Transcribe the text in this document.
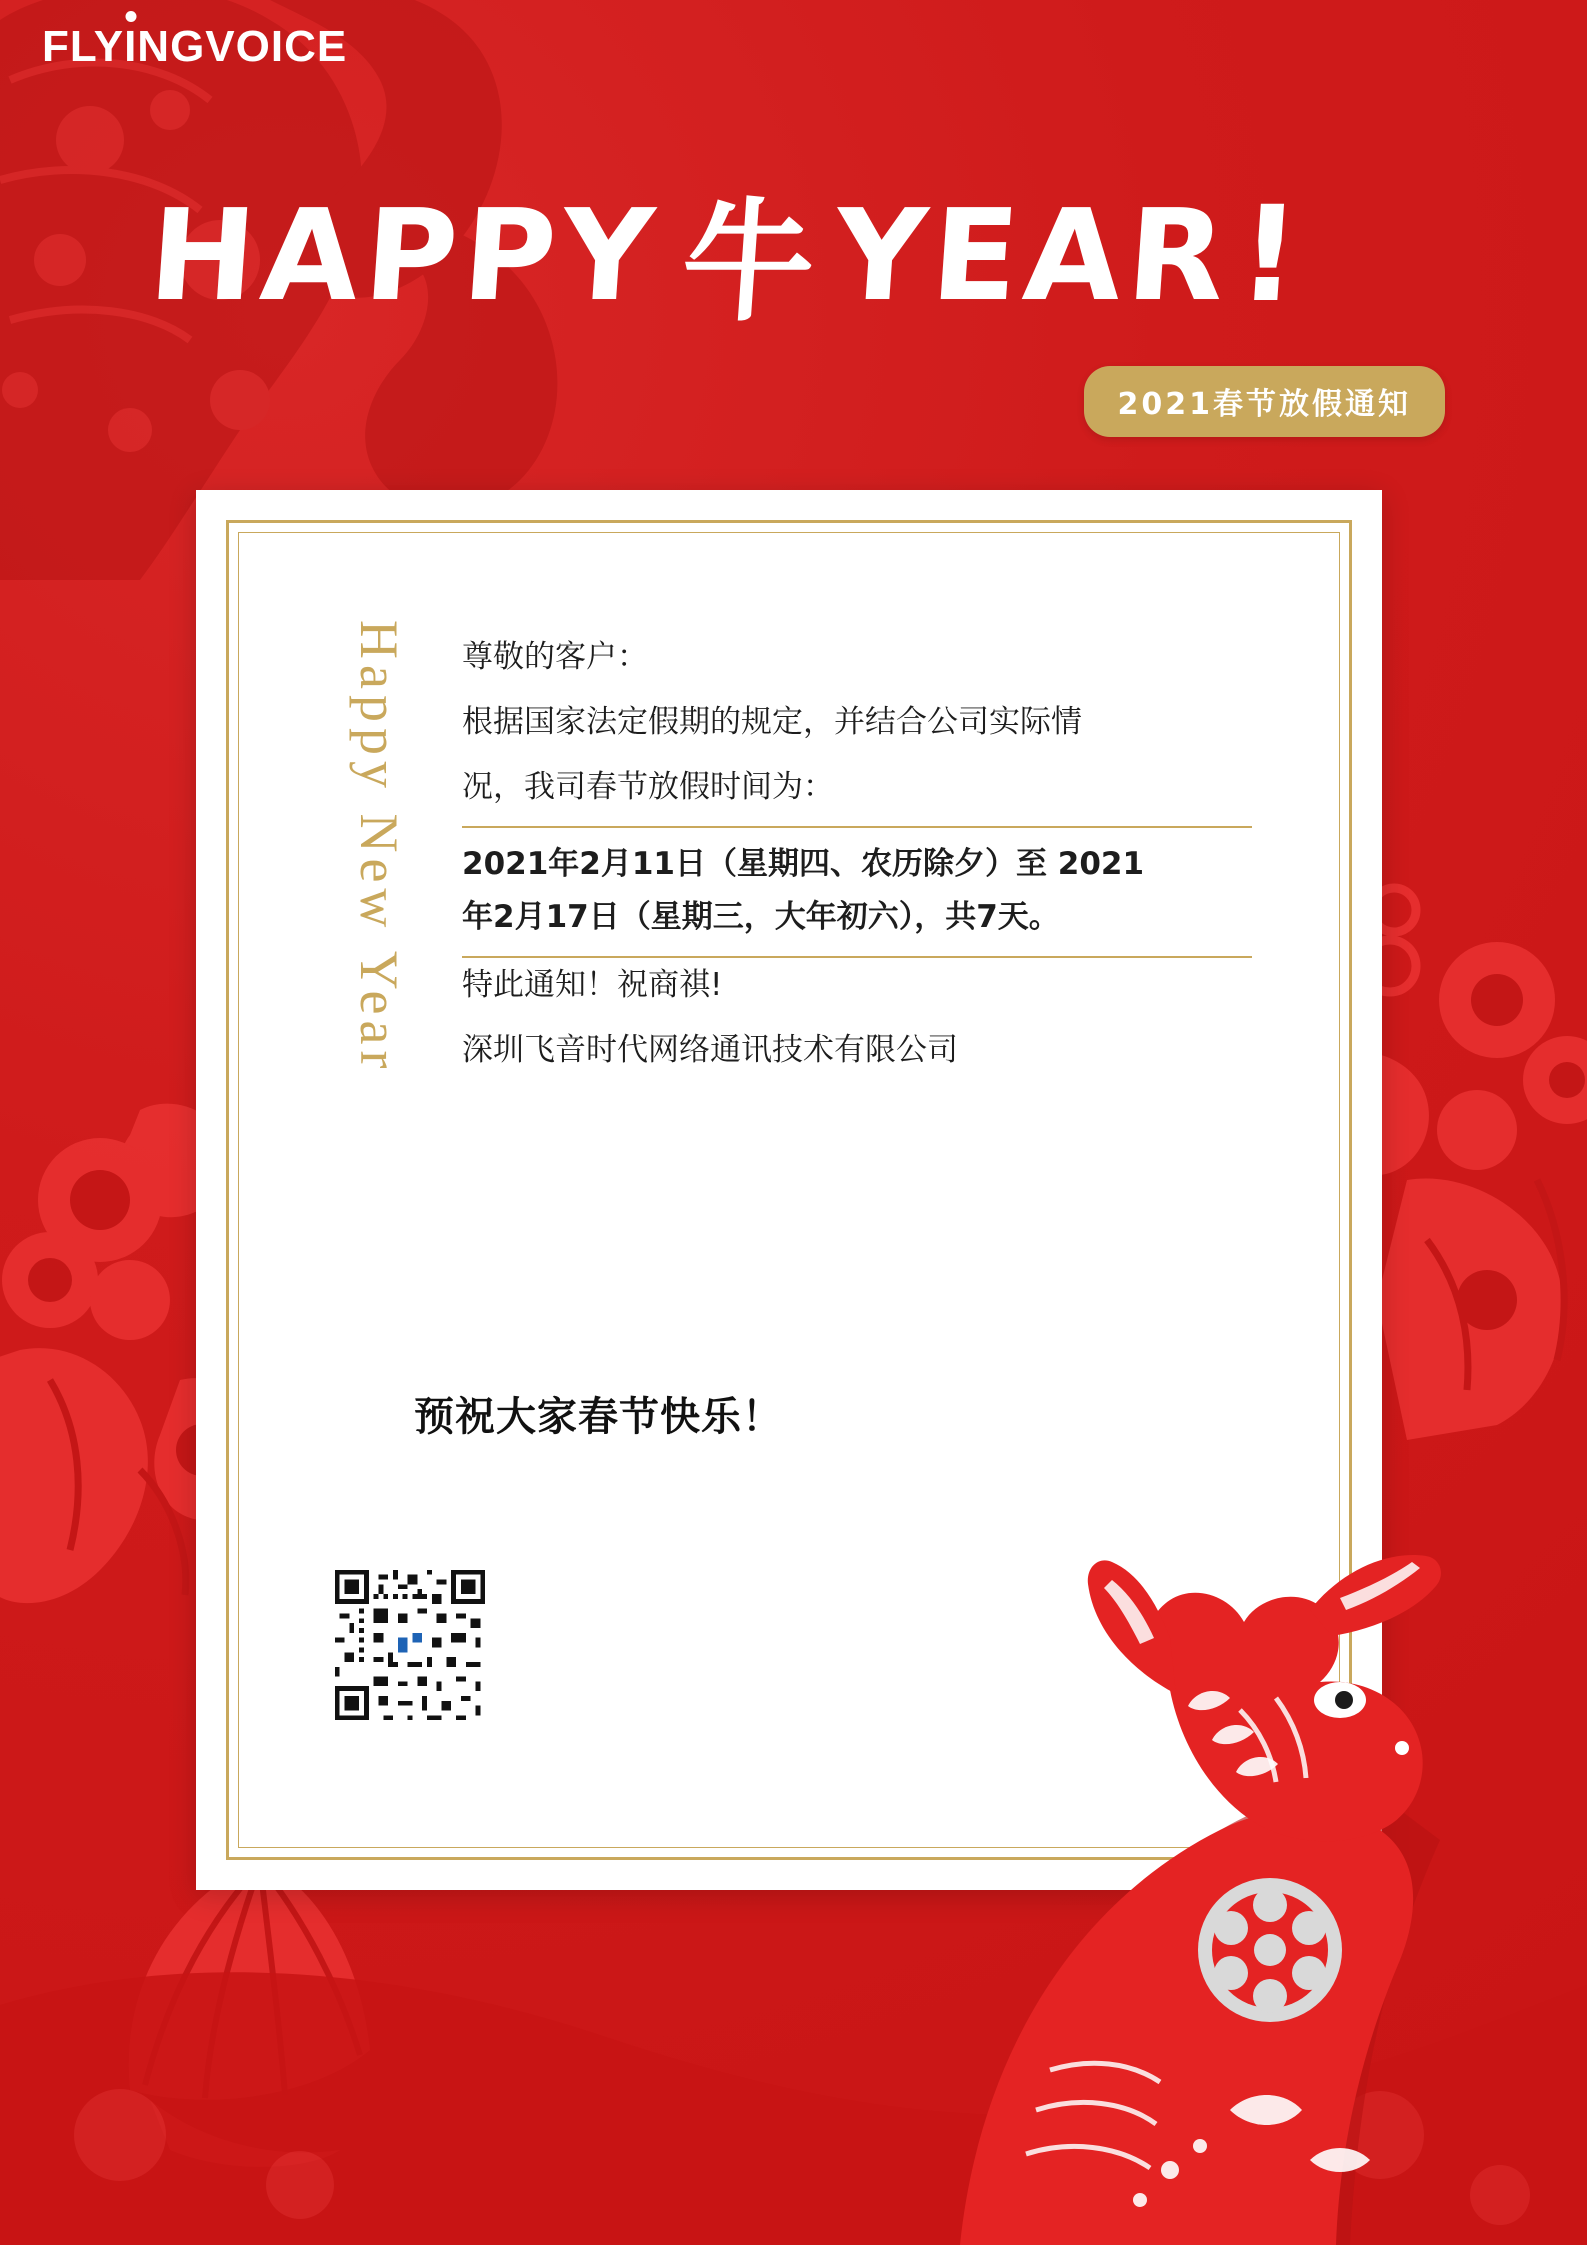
FLY I NGVOICE
HAPPY 牛 YEAR
!
2021春节放假通知
Happy New Year 尊敬的客户：

根据国家法定假期的规定，并结合公司实际情

况，我司春节放假时间为：

2021年2月11日（星期四、农历除夕）至 2021
年2月17日（星期三，大年初六），共7天。

特此通知！祝商祺!

深圳飞音时代网络通讯技术有限公司

预祝大家春节快乐！
